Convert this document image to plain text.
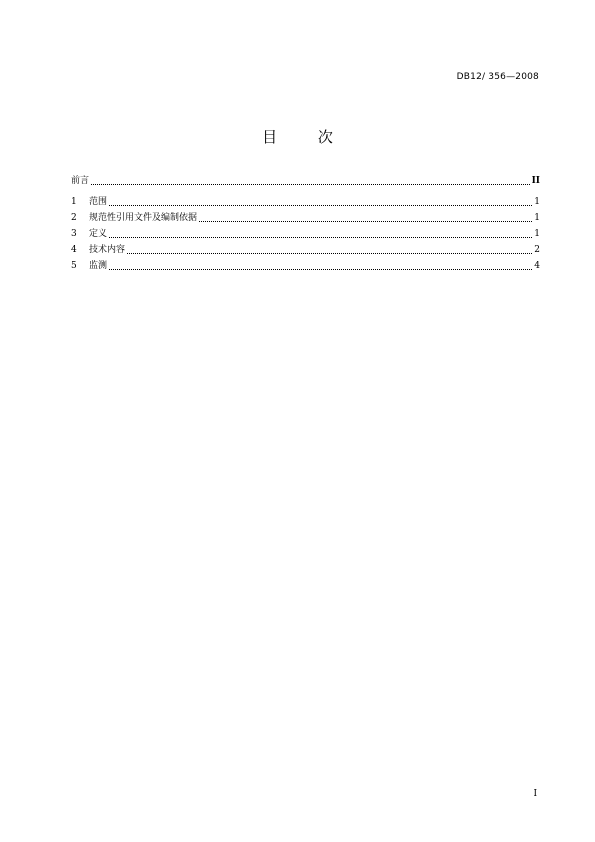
DB12/ 356—2008
目 次
前言	II
1	范围	1
2	规范性引用文件及编制依据	1
3	定义	1
4	技术内容	2
5	监测	4
I
